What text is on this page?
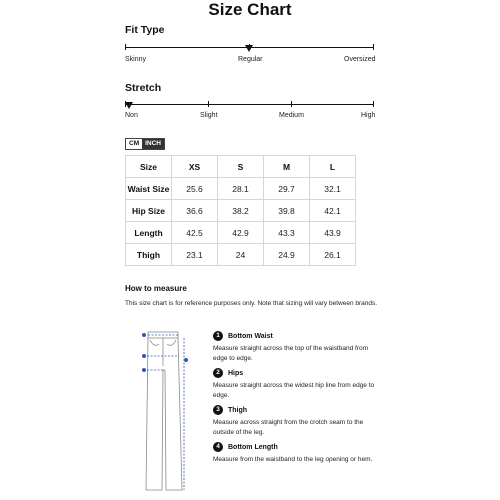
Size Chart
Fit Type
Skinny	Regular	Oversized
Stretch
Non	Slight	Medium	High
CM INCH
Size	XS	S	M	L
Waist Size	25.6	28.1	29.7	32.1
Hip Size	36.6	38.2	39.8	42.1
Length	42.5	42.9	43.3	43.9
Thigh	23.1	24	24.9	26.1
How to measure
This size chart is for reference purposes only. Note that sizing will vary between brands.
1	Bottom Waist
Measure straight across the top of the waistband from edge to edge.
2	Hips
Measure straight across the widest hip line from edge to edge.
3	Thigh
Measure across straight from the crotch seam to the outside of the leg.
4	Bottom Length
Measure from the waistband to the leg opening or hem.
